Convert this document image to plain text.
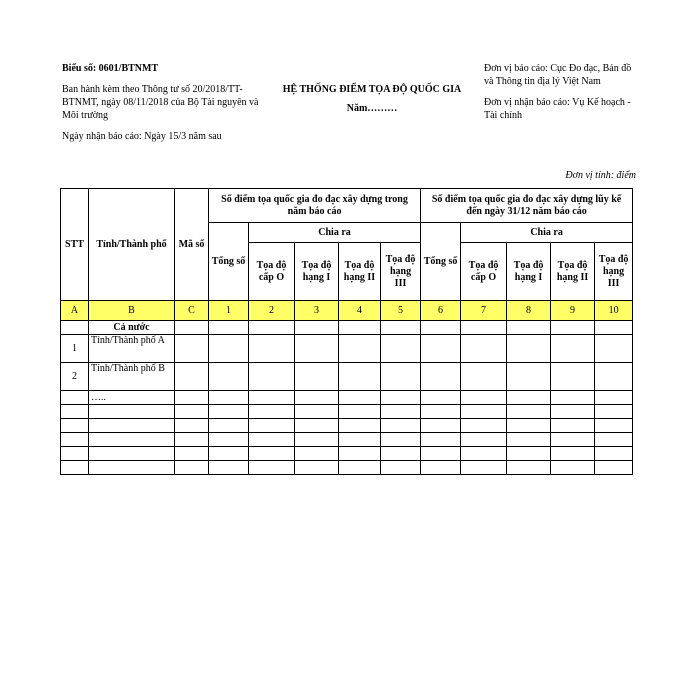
Biểu số: 0601/BTNMT
Ban hành kèm theo Thông tư số 20/2018/TT-BTNMT, ngày 08/11/2018 của Bộ Tài nguyên và Môi trường
Ngày nhận báo cáo: Ngày 15/3 năm sau
HỆ THỐNG ĐIỂM TỌA ĐỘ QUỐC GIA
Năm………
Đơn vị báo cáo: Cục Đo đạc, Bản đồ và Thông tin địa lý Việt Nam
Đơn vị nhận báo cáo: Vụ Kế hoạch - Tài chính
Đơn vị tính: điểm
STT	Tỉnh/Thành phố	Mã số	Số điểm tọa quốc gia đo đạc xây dựng trong năm báo cáo					Số điểm tọa quốc gia đo đạc xây dựng lũy kế đến ngày 31/12 năm báo cáo				
			Tổng số	Chia ra				Tổng số	Chia ra			
				Tọa độ cấp O	Tọa độ hạng I	Tọa độ hạng II	Tọa độ hạng III		Tọa độ cấp O	Tọa độ hạng I	Tọa độ hạng II	Tọa độ hạng III
A	B	C	1	2	3	4	5	6	7	8	9	10
	Cả nước											
1	Tỉnh/Thành phố A											
2	Tỉnh/Thành phố B											
	…..											
